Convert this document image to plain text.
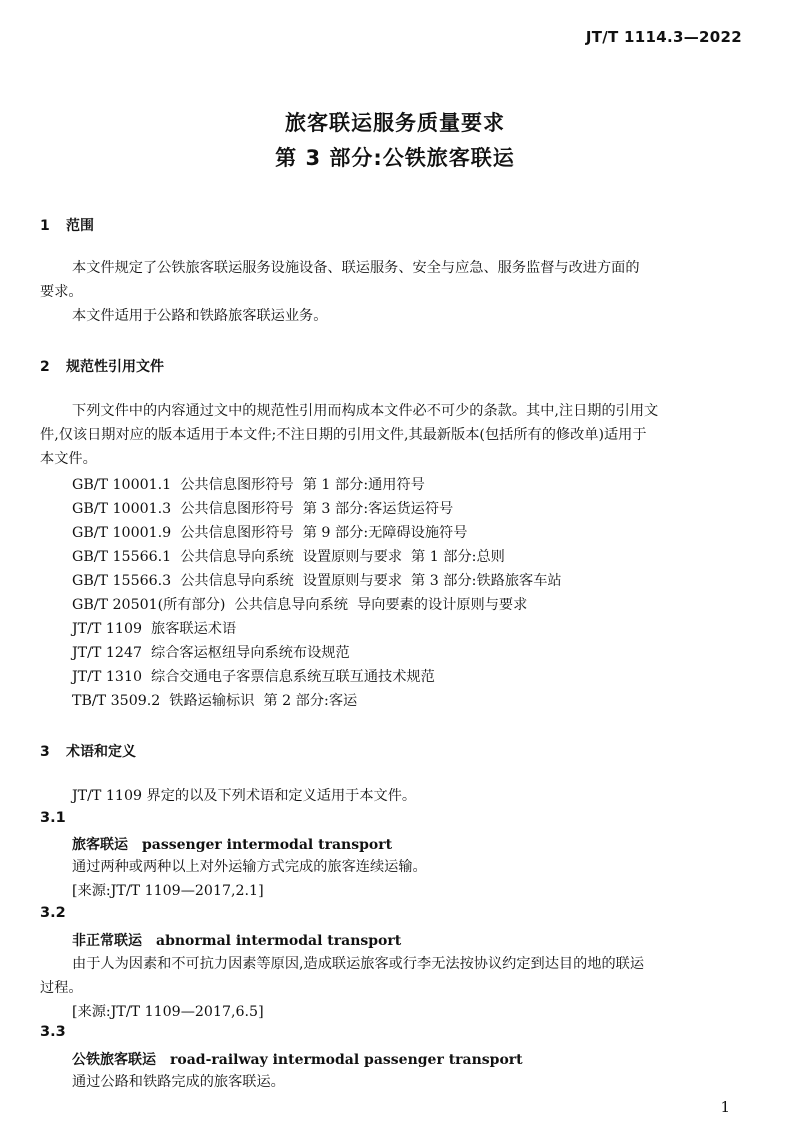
JT/T 1114.3—2022
旅客联运服务质量要求
第 3 部分:公铁旅客联运
1 范围
本文件规定了公铁旅客联运服务设施设备、联运服务、安全与应急、服务监督与改进方面的
要求。
本文件适用于公路和铁路旅客联运业务。
2 规范性引用文件
下列文件中的内容通过文中的规范性引用而构成本文件必不可少的条款。其中,注日期的引用文
件,仅该日期对应的版本适用于本文件;不注日期的引用文件,其最新版本(包括所有的修改单)适用于
本文件。
GB/T 10001.1  公共信息图形符号  第 1 部分:通用符号
GB/T 10001.3  公共信息图形符号  第 3 部分:客运货运符号
GB/T 10001.9  公共信息图形符号  第 9 部分:无障碍设施符号
GB/T 15566.1  公共信息导向系统  设置原则与要求  第 1 部分:总则
GB/T 15566.3  公共信息导向系统  设置原则与要求  第 3 部分:铁路旅客车站
GB/T 20501(所有部分)  公共信息导向系统  导向要素的设计原则与要求
JT/T 1109  旅客联运术语
JT/T 1247  综合客运枢纽导向系统布设规范
JT/T 1310  综合交通电子客票信息系统互联互通技术规范
TB/T 3509.2  铁路运输标识  第 2 部分:客运
3 术语和定义
JT/T 1109 界定的以及下列术语和定义适用于本文件。
3.1
旅客联运 passenger intermodal transport
通过两种或两种以上对外运输方式完成的旅客连续运输。
[来源:JT/T 1109—2017,2.1]
3.2
非正常联运 abnormal intermodal transport
由于人为因素和不可抗力因素等原因,造成联运旅客或行李无法按协议约定到达目的地的联运
过程。
[来源:JT/T 1109—2017,6.5]
3.3
公铁旅客联运 road-railway intermodal passenger transport
通过公路和铁路完成的旅客联运。
1
